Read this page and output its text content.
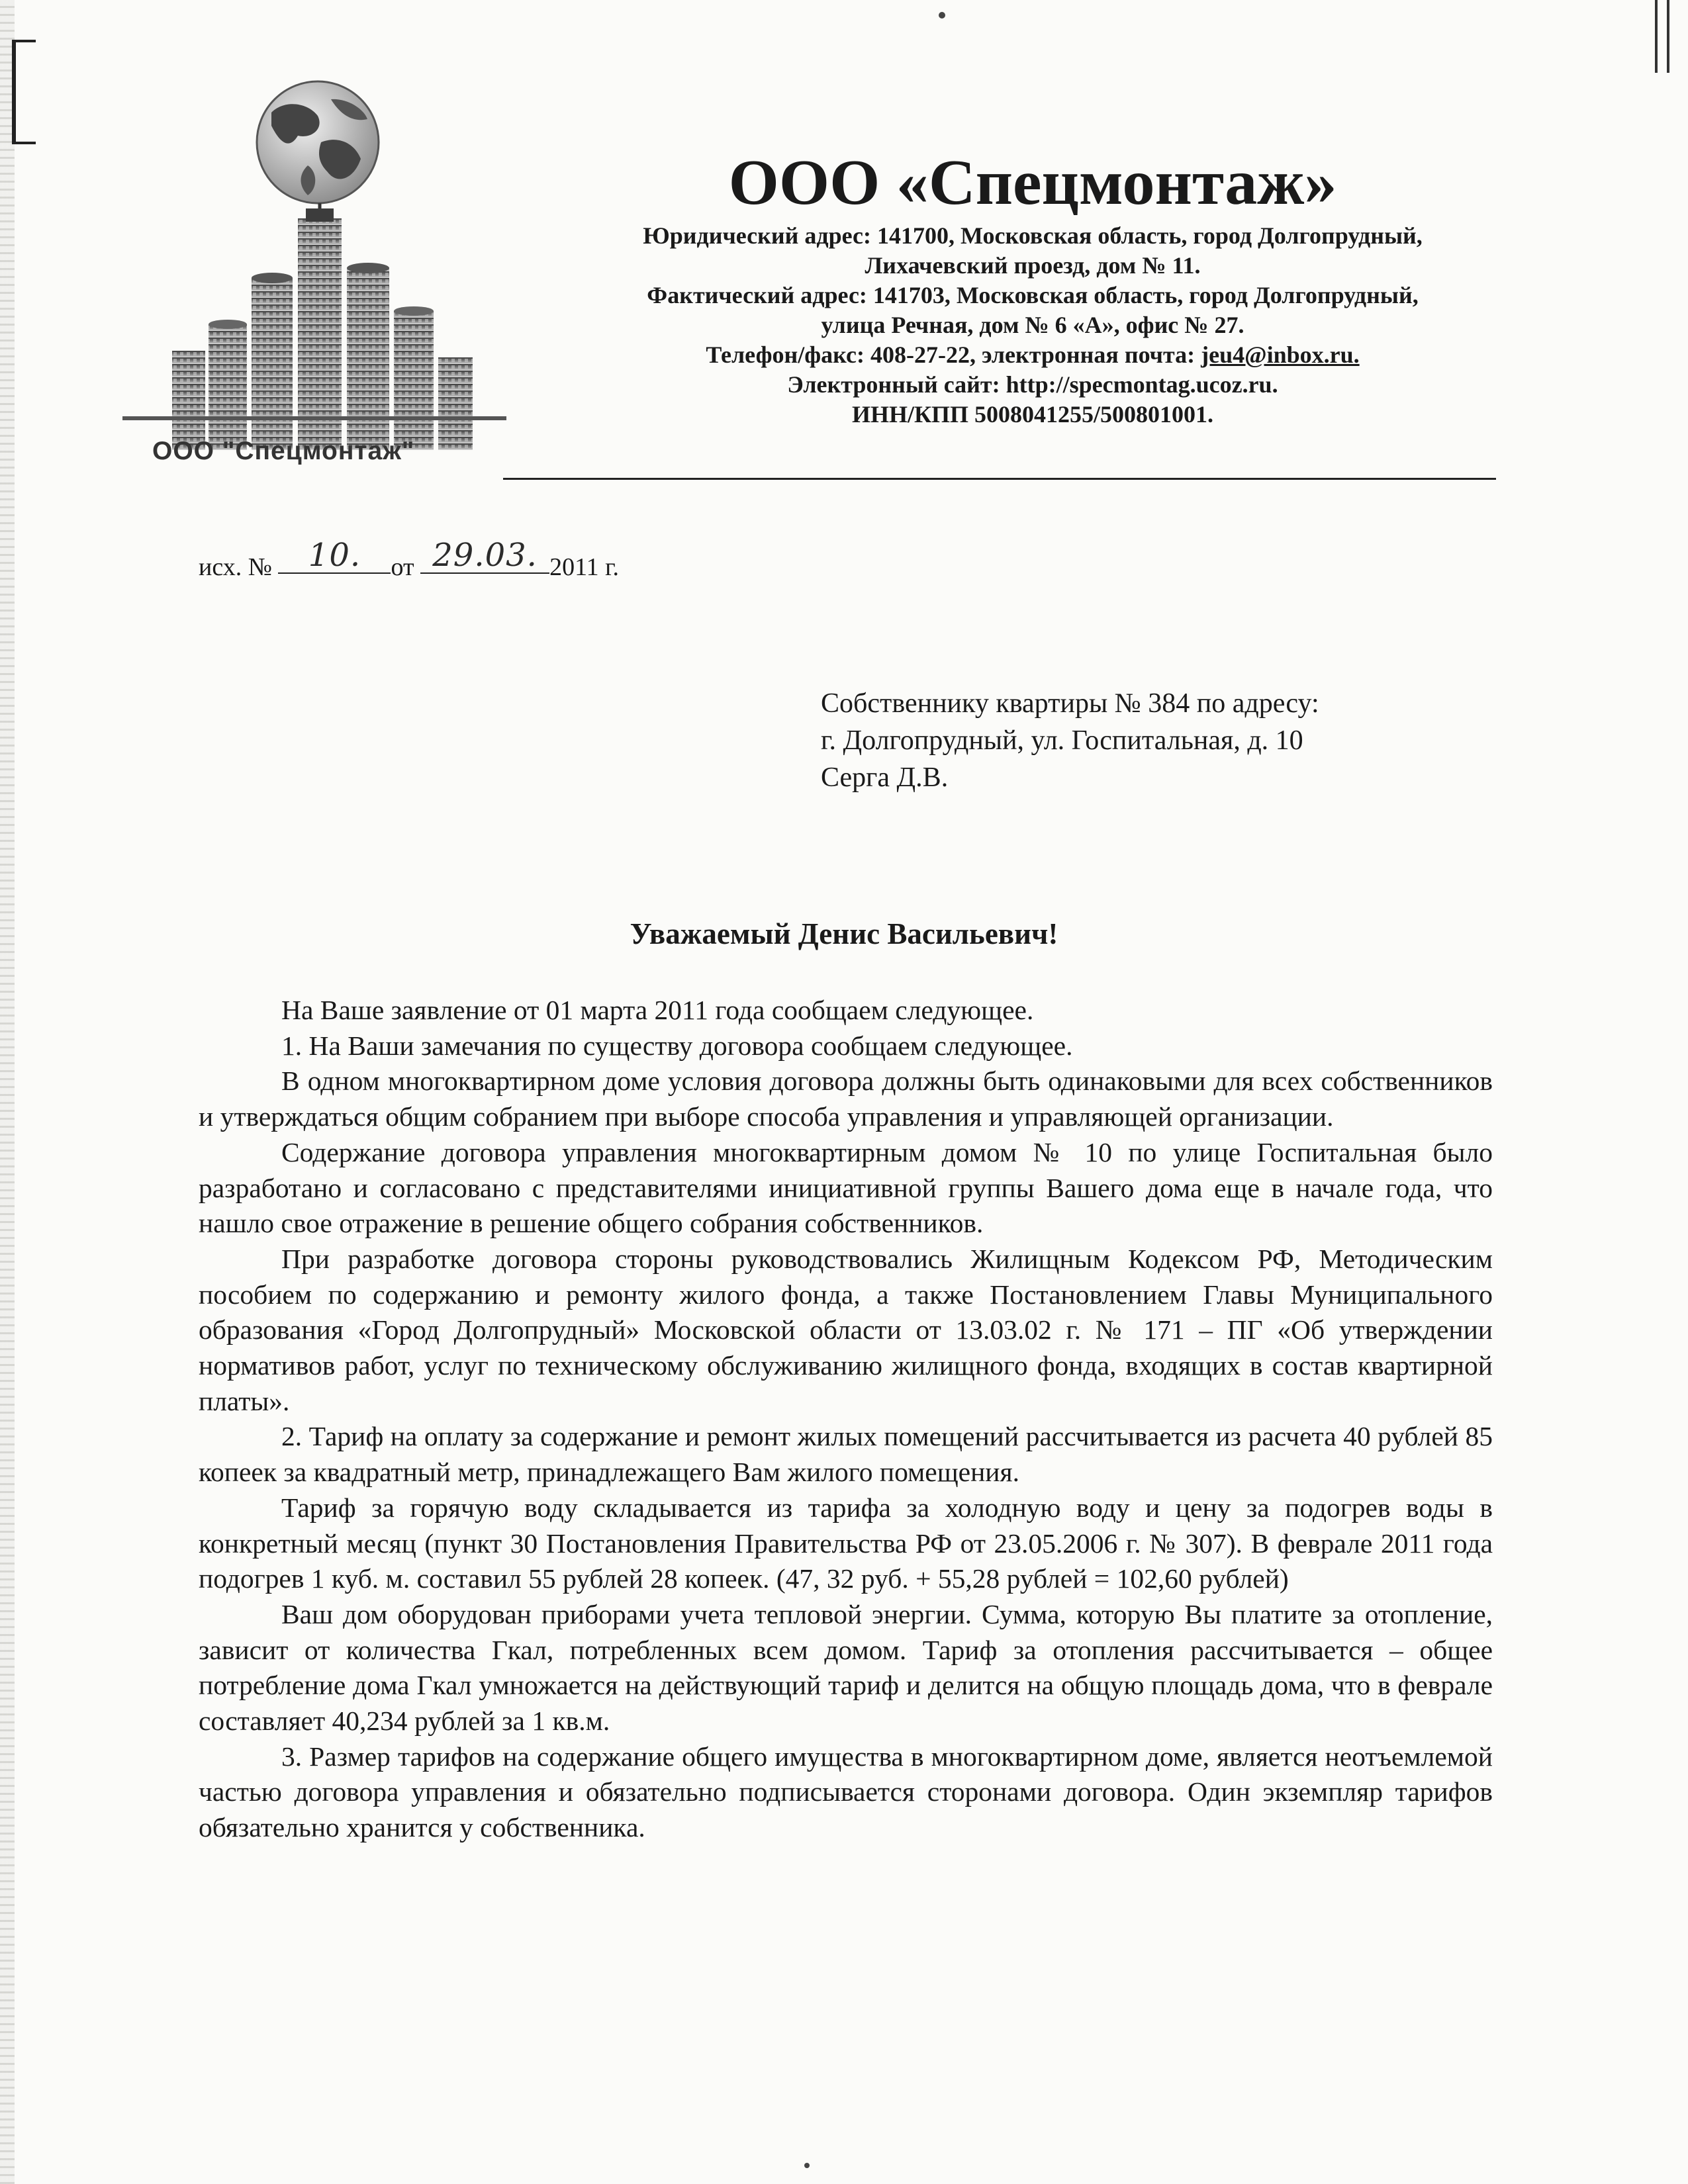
ООО "Спецмонтаж"
ООО «Спецмонтаж»
Юридический адрес: 141700, Московская область, город Долгопрудный,
Лихачевский проезд, дом № 11.
Фактический адрес: 141703, Московская область, город Долгопрудный,
улица Речная, дом № 6 «А», офис № 27.
Телефон/факс: 408-27-22, электронная почта: jeu4@inbox.ru.
Электронный сайт: http://specmontag.ucoz.ru.
ИНН/КПП 5008041255/500801001.
исх. № 10. от 29.03. 2011 г.
Собственнику квартиры № 384 по адресу:
г. Долгопрудный, ул. Госпитальная, д. 10
Серга Д.В.
Уважаемый Денис Васильевич!

На Ваше заявление от 01 марта 2011 года сообщаем следующее.

1. На Ваши замечания по существу договора сообщаем следующее.

В одном многоквартирном доме условия договора должны быть одинаковыми для всех собственников и утверждаться общим собранием при выборе способа управления и управляющей организации.

Содержание договора управления многоквартирным домом № 10 по улице Госпитальная было разработано и согласовано с представителями инициативной группы Вашего дома еще в начале года, что нашло свое отражение в решение общего собрания собственников.

При разработке договора стороны руководствовались Жилищным Кодексом РФ, Методическим пособием по содержанию и ремонту жилого фонда, а также Постановлением Главы Муниципального образования «Город Долгопрудный» Московской области от 13.03.02 г. № 171 – ПГ «Об утверждении нормативов работ, услуг по техническому обслуживанию жилищного фонда, входящих в состав квартирной платы».

2. Тариф на оплату за содержание и ремонт жилых помещений рассчитывается из расчета 40 рублей 85 копеек за квадратный метр, принадлежащего Вам жилого помещения.

Тариф за горячую воду складывается из тарифа за холодную воду и цену за подогрев воды в конкретный месяц (пункт 30 Постановления Правительства РФ от 23.05.2006 г. № 307). В феврале 2011 года подогрев 1 куб. м. составил 55 рублей 28 копеек. (47, 32 руб. + 55,28 рублей = 102,60 рублей)

Ваш дом оборудован приборами учета тепловой энергии. Сумма, которую Вы платите за отопление, зависит от количества Гкал, потребленных всем домом. Тариф за отопления рассчитывается – общее потребление дома Гкал умножается на действующий тариф и делится на общую площадь дома, что в феврале составляет 40,234 рублей за 1 кв.м.

3. Размер тарифов на содержание общего имущества в многоквартирном доме, является неотъемлемой частью договора управления и обязательно подписывается сторонами договора. Один экземпляр тарифов обязательно хранится у собственника.
